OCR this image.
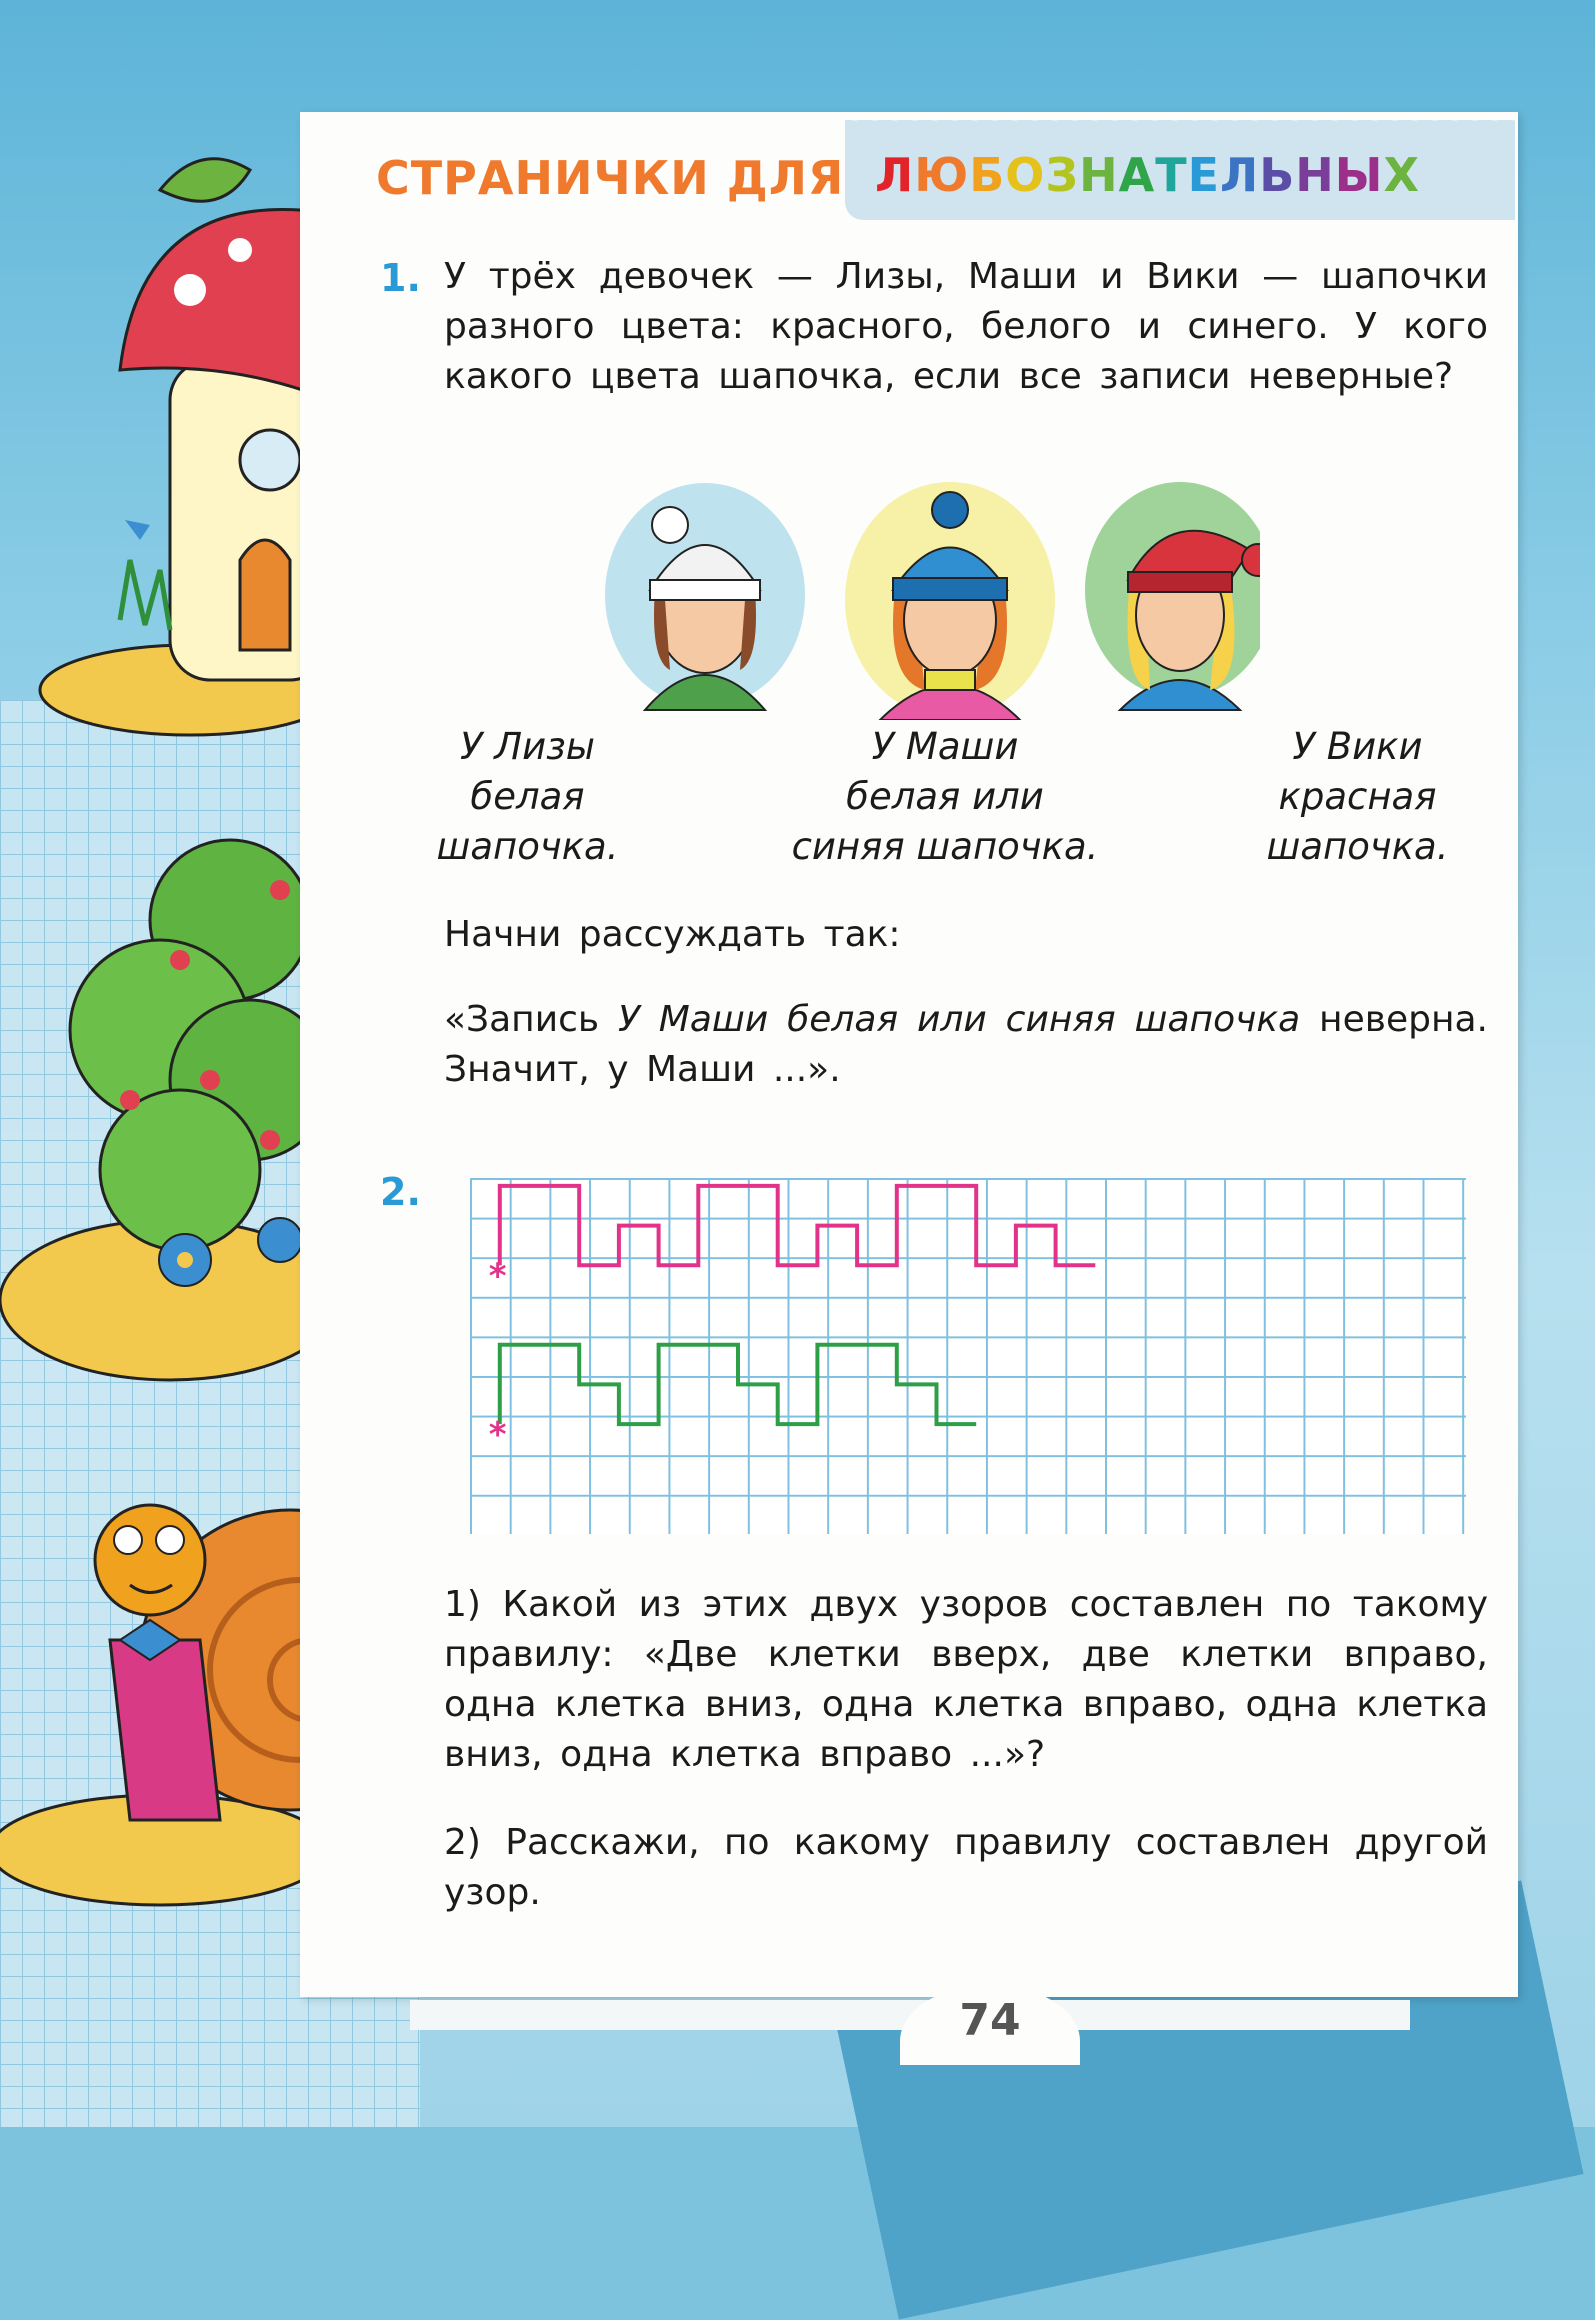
СТРАНИЧКИ ДЛЯ ЛЮБОЗНАТЕЛЬНЫХ
1. У трёх девочек — Лизы, Маши и Вики — шапочки разного цвета: красного, белого и синего. У кого какого цвета шапочка, если все записи неверные?
У Лизы
белая
шапочка.
У Маши
белая или
синяя шапочка.
У Вики
красная
шапочка.
Начни рассуждать так:
«Запись У Маши белая или синяя шапочка неверна. Значит, у Маши ...».
2.
*
*
1) Какой из этих двух узоров составлен по такому правилу: «Две клетки вверх, две клетки вправо, одна клетка вниз, одна клетка вправо, одна клетка вниз, одна клетка вправо ...»?
2) Расскажи, по какому правилу составлен другой узор.
74
